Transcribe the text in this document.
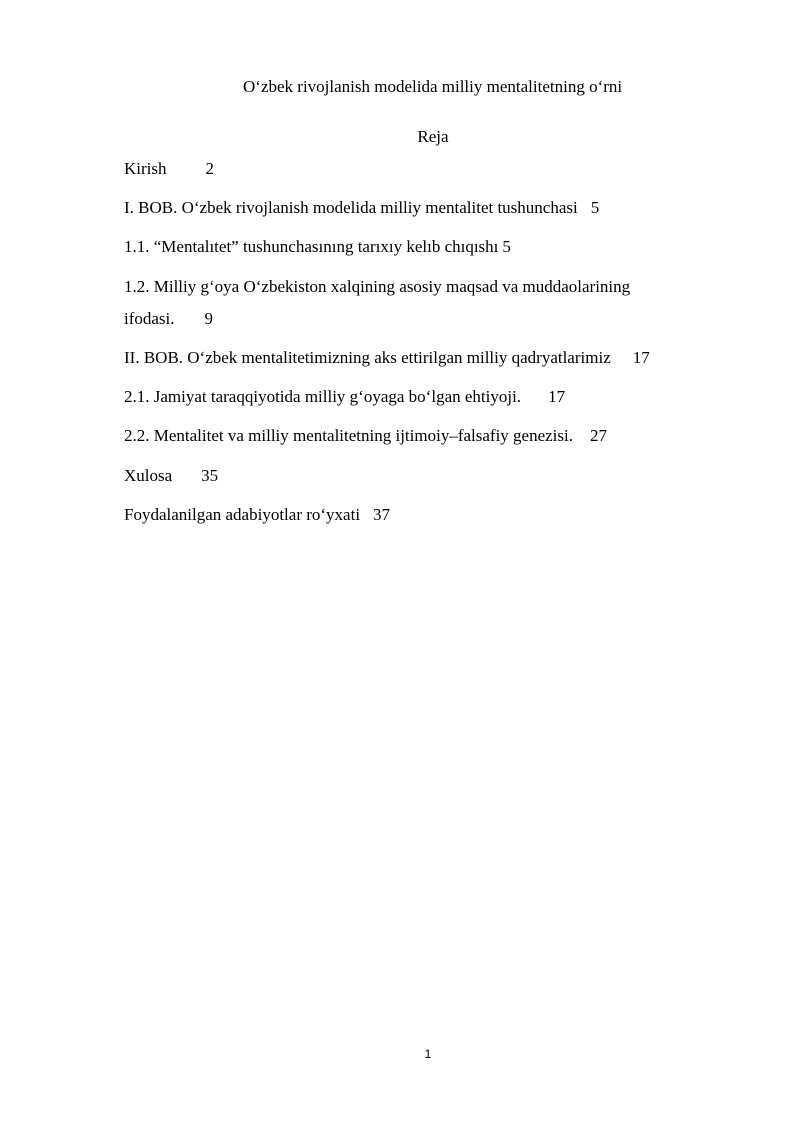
O‘zbek rivojlanish modelida milliy mentalitetning o‘rni
Reja
Kirish 2
I. BOB. O‘zbek rivojlanish modelida milliy mentalitet tushunchasi 5
1.1. “Mentalıtet” tushunchasınıng tarıxıy kelıb chıqıshı 5
1.2. Milliy g‘oya O‘zbekiston xalqining asosiy maqsad va muddaolarining
ifodasi. 9
II. BOB. O‘zbek mentalitetimizning aks ettirilgan milliy qadryatlarimiz 17
2.1. Jamiyat taraqqiyotida milliy g‘oyaga bo‘lgan ehtiyoji. 17
2.2. Mentalitet va milliy mentalitetning ijtimoiy–falsafiy genezisi. 27
Xulosa 35
Foydalanilgan adabiyotlar ro‘yxati 37
1
